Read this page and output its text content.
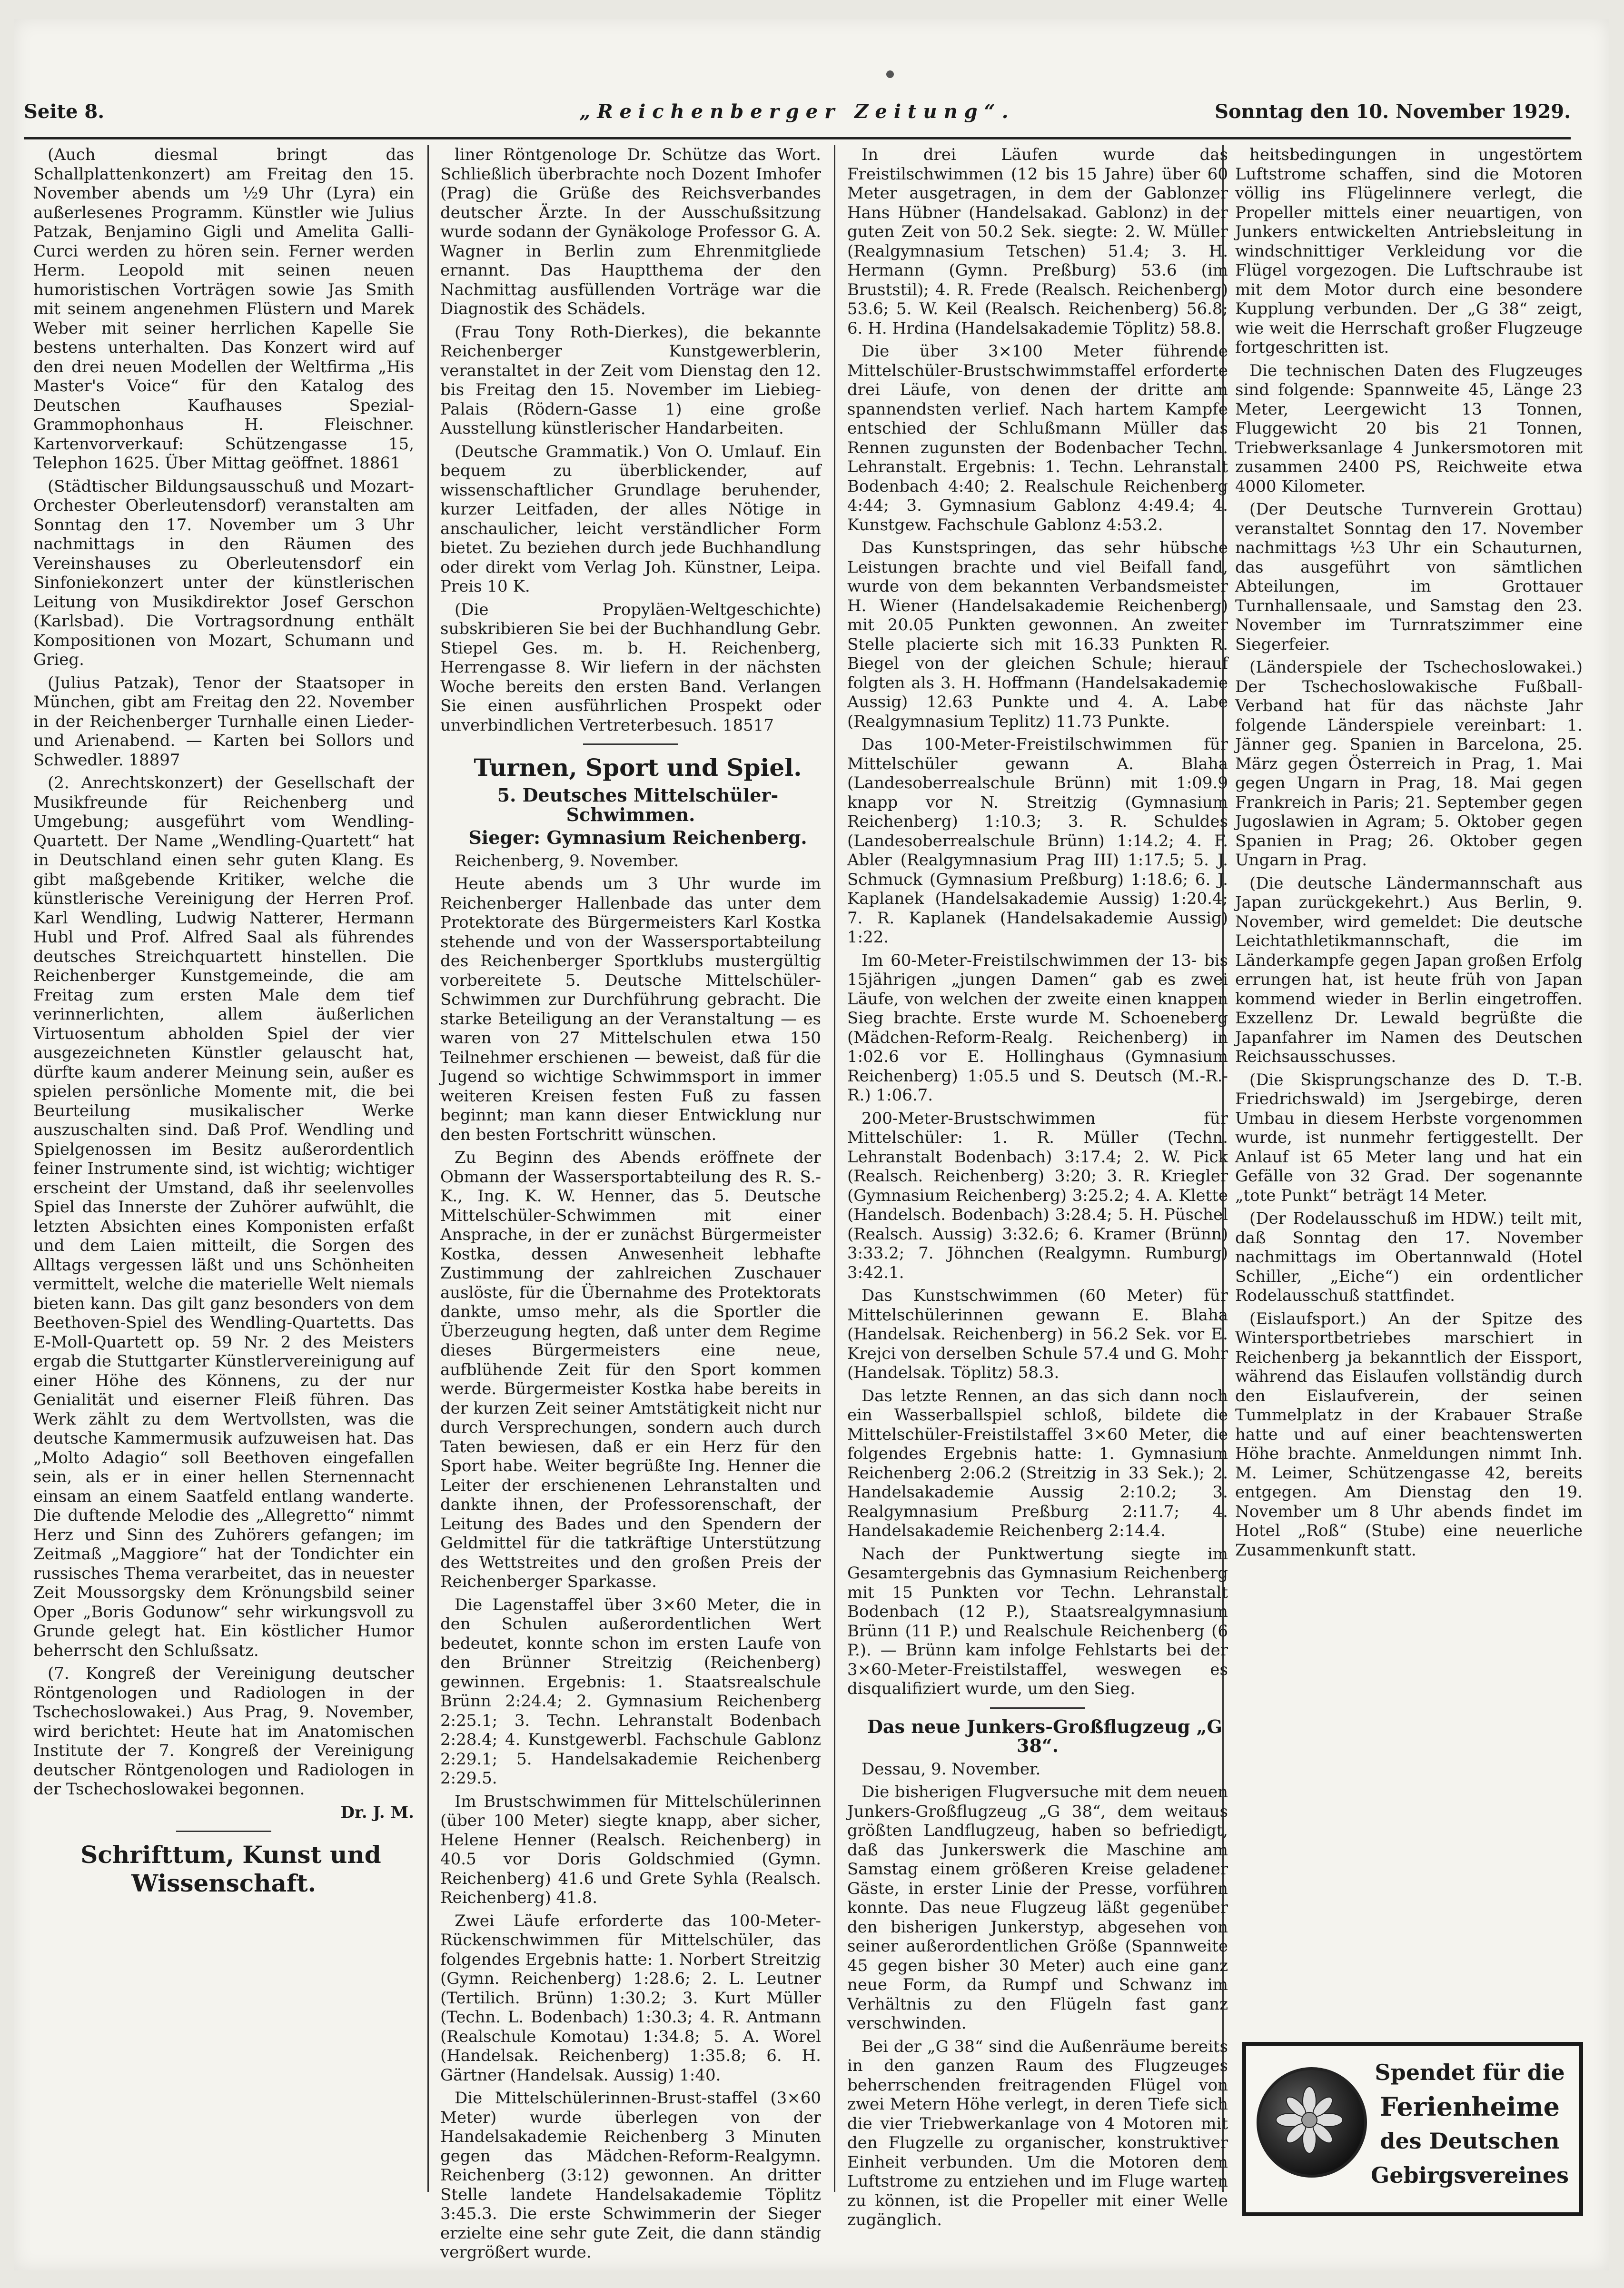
Seite 8.	„Reichenberger Zeitung“.	Sonntag den 10. November 1929.

(Auch diesmal bringt das Schallplattenkonzert) am Freitag den 15. November abends um ½9 Uhr (Lyra) ein außerlesenes Programm. Künstler wie Julius Patzak, Benjamino Gigli und Amelita Galli-Curci werden zu hören sein. Ferner werden Herm. Leopold mit seinen neuen humoristischen Vorträgen sowie Jas Smith mit seinem angenehmen Flüstern und Marek Weber mit seiner herrlichen Kapelle Sie bestens unterhalten. Das Konzert wird auf den drei neuen Modellen der Weltfirma „His Master's Voice“ für den Katalog des Deutschen Kaufhauses Spezial-Grammophonhaus H. Fleischner. Kartenvorverkauf: Schützengasse 15, Telephon 1625. Über Mittag geöffnet. 18861

(Städtischer Bildungsausschuß und Mozart-Orchester Oberleutensdorf) veranstalten am Sonntag den 17. November um 3 Uhr nachmittags in den Räumen des Vereinshauses zu Oberleutensdorf ein Sinfoniekonzert unter der künstlerischen Leitung von Musikdirektor Josef Gerschon (Karlsbad). Die Vortragsordnung enthält Kompositionen von Mozart, Schumann und Grieg.

(Julius Patzak), Tenor der Staatsoper in München, gibt am Freitag den 22. November in der Reichenberger Turnhalle einen Lieder- und Arienabend. — Karten bei Sollors und Schwedler. 18897

(2. Anrechtskonzert) der Gesellschaft der Musikfreunde für Reichenberg und Umgebung; ausgeführt vom Wendling-Quartett. Der Name „Wendling-Quartett“ hat in Deutschland einen sehr guten Klang. Es gibt maßgebende Kritiker, welche die künstlerische Vereinigung der Herren Prof. Karl Wendling, Ludwig Natterer, Hermann Hubl und Prof. Alfred Saal als führendes deutsches Streichquartett hinstellen. Die Reichenberger Kunstgemeinde, die am Freitag zum ersten Male dem tief verinnerlichten, allem äußerlichen Virtuosentum abholden Spiel der vier ausgezeichneten Künstler gelauscht hat, dürfte kaum anderer Meinung sein, außer es spielen persönliche Momente mit, die bei Beurteilung musikalischer Werke auszuschalten sind. Daß Prof. Wendling und Spielgenossen im Besitz außerordentlich feiner Instrumente sind, ist wichtig; wichtiger erscheint der Umstand, daß ihr seelenvolles Spiel das Innerste der Zuhörer aufwühlt, die letzten Absichten eines Komponisten erfaßt und dem Laien mitteilt, die Sorgen des Alltags vergessen läßt und uns Schönheiten vermittelt, welche die materielle Welt niemals bieten kann. Das gilt ganz besonders von dem Beethoven-Spiel des Wendling-Quartetts. Das E-Moll-Quartett op. 59 Nr. 2 des Meisters ergab die Stuttgarter Künstlervereinigung auf einer Höhe des Könnens, zu der nur Genialität und eiserner Fleiß führen. Das Werk zählt zu dem Wertvollsten, was die deutsche Kammermusik aufzuweisen hat. Das „Molto Adagio“ soll Beethoven eingefallen sein, als er in einer hellen Sternennacht einsam an einem Saatfeld entlang wanderte. Die duftende Melodie des „Allegretto“ nimmt Herz und Sinn des Zuhörers gefangen; im Zeitmaß „Maggiore“ hat der Tondichter ein russisches Thema verarbeitet, das in neuester Zeit Moussorgsky dem Krönungsbild seiner Oper „Boris Godunow“ sehr wirkungsvoll zu Grunde gelegt hat. Ein köstlicher Humor beherrscht den Schlußsatz.

(7. Kongreß der Vereinigung deutscher Röntgenologen und Radiologen in der Tschechoslowakei.) Aus Prag, 9. November, wird berichtet: Heute hat im Anatomischen Institute der 7. Kongreß der Vereinigung deutscher Röntgenologen und Radiologen in der Tschechoslowakei begonnen.

Dr. J. M.

Schrifttum, Kunst und Wissenschaft.

liner Röntgenologe Dr. Schütze das Wort. Schließlich überbrachte noch Dozent Imhofer (Prag) die Grüße des Reichsverbandes deutscher Ärzte. In der Ausschußsitzung wurde sodann der Gynäkologe Professor G. A. Wagner in Berlin zum Ehrenmitgliede ernannt. Das Hauptthema der den Nachmittag ausfüllenden Vorträge war die Diagnostik des Schädels.

(Frau Tony Roth-Dierkes), die bekannte Reichenberger Kunstgewerblerin, veranstaltet in der Zeit vom Dienstag den 12. bis Freitag den 15. November im Liebieg-Palais (Rödern-Gasse 1) eine große Ausstellung künstlerischer Handarbeiten.

(Deutsche Grammatik.) Von O. Umlauf. Ein bequem zu überblickender, auf wissenschaftlicher Grundlage beruhender, kurzer Leitfaden, der alles Nötige in anschaulicher, leicht verständlicher Form bietet. Zu beziehen durch jede Buchhandlung oder direkt vom Verlag Joh. Künstner, Leipa. Preis 10 K.

(Die Propyläen-Weltgeschichte) subskribieren Sie bei der Buchhandlung Gebr. Stiepel Ges. m. b. H. Reichenberg, Herrengasse 8. Wir liefern in der nächsten Woche bereits den ersten Band. Verlangen Sie einen ausführlichen Prospekt oder unverbindlichen Vertreterbesuch. 18517

Turnen, Sport und Spiel.

5. Deutsches Mittelschüler-Schwimmen.

Sieger: Gymnasium Reichenberg.

Reichenberg, 9. November.

Heute abends um 3 Uhr wurde im Reichenberger Hallenbade das unter dem Protektorate des Bürgermeisters Karl Kostka stehende und von der Wassersportabteilung des Reichenberger Sportklubs mustergültig vorbereitete 5. Deutsche Mittelschüler-Schwimmen zur Durchführung gebracht. Die starke Beteiligung an der Veranstaltung — es waren von 27 Mittelschulen etwa 150 Teilnehmer erschienen — beweist, daß für die Jugend so wichtige Schwimmsport in immer weiteren Kreisen festen Fuß zu fassen beginnt; man kann dieser Entwicklung nur den besten Fortschritt wünschen.

Zu Beginn des Abends eröffnete der Obmann der Wassersportabteilung des R. S.-K., Ing. K. W. Henner, das 5. Deutsche Mittelschüler-Schwimmen mit einer Ansprache, in der er zunächst Bürgermeister Kostka, dessen Anwesenheit lebhafte Zustimmung der zahlreichen Zuschauer auslöste, für die Übernahme des Protektorats dankte, umso mehr, als die Sportler die Überzeugung hegten, daß unter dem Regime dieses Bürgermeisters eine neue, aufblühende Zeit für den Sport kommen werde. Bürgermeister Kostka habe bereits in der kurzen Zeit seiner Amtstätigkeit nicht nur durch Versprechungen, sondern auch durch Taten bewiesen, daß er ein Herz für den Sport habe. Weiter begrüßte Ing. Henner die Leiter der erschienenen Lehranstalten und dankte ihnen, der Professorenschaft, der Leitung des Bades und den Spendern der Geldmittel für die tatkräftige Unterstützung des Wettstreites und den großen Preis der Reichenberger Sparkasse.

Die Lagenstaffel über 3×60 Meter, die in den Schulen außerordentlichen Wert bedeutet, konnte schon im ersten Laufe von den Brünner Streitzig (Reichenberg) gewinnen. Ergebnis: 1. Staatsrealschule Brünn 2:24.4; 2. Gymnasium Reichenberg 2:25.1; 3. Techn. Lehranstalt Bodenbach 2:28.4; 4. Kunstgewerbl. Fachschule Gablonz 2:29.1; 5. Handelsakademie Reichenberg 2:29.5.

Im Brustschwimmen für Mittelschülerinnen (über 100 Meter) siegte knapp, aber sicher, Helene Henner (Realsch. Reichenberg) in 40.5 vor Doris Goldschmied (Gymn. Reichenberg) 41.6 und Grete Syhla (Realsch. Reichenberg) 41.8.

Zwei Läufe erforderte das 100-Meter-Rückenschwimmen für Mittelschüler, das folgendes Ergebnis hatte: 1. Norbert Streitzig (Gymn. Reichenberg) 1:28.6; 2. L. Leutner (Tertilich. Brünn) 1:30.2; 3. Kurt Müller (Techn. L. Bodenbach) 1:30.3; 4. R. Antmann (Realschule Komotau) 1:34.8; 5. A. Worel (Handelsak. Reichenberg) 1:35.8; 6. H. Gärtner (Handelsak. Aussig) 1:40.

Die Mittelschülerinnen-Brust-staffel (3×60 Meter) wurde überlegen von der Handelsakademie Reichenberg 3 Minuten gegen das Mädchen-Reform-Realgymn. Reichenberg (3:12) gewonnen. An dritter Stelle landete Handelsakademie Töplitz 3:45.3. Die erste Schwimmerin der Sieger erzielte eine sehr gute Zeit, die dann ständig vergrößert wurde.

In drei Läufen wurde das Freistilschwimmen (12 bis 15 Jahre) über 60 Meter ausgetragen, in dem der Gablonzer Hans Hübner (Handelsakad. Gablonz) in der guten Zeit von 50.2 Sek. siegte: 2. W. Müller (Realgymnasium Tetschen) 51.4; 3. H. Hermann (Gymn. Preßburg) 53.6 (im Bruststil); 4. R. Frede (Realsch. Reichenberg) 53.6; 5. W. Keil (Realsch. Reichenberg) 56.8; 6. H. Hrdina (Handelsakademie Töplitz) 58.8.

Die über 3×100 Meter führende Mittelschüler-Brustschwimmstaffel erforderte drei Läufe, von denen der dritte am spannendsten verlief. Nach hartem Kampfe entschied der Schlußmann Müller das Rennen zugunsten der Bodenbacher Techn. Lehranstalt. Ergebnis: 1. Techn. Lehranstalt Bodenbach 4:40; 2. Realschule Reichenberg 4:44; 3. Gymnasium Gablonz 4:49.4; 4. Kunstgew. Fachschule Gablonz 4:53.2.

Das Kunstspringen, das sehr hübsche Leistungen brachte und viel Beifall fand, wurde von dem bekannten Verbandsmeister H. Wiener (Handelsakademie Reichenberg) mit 20.05 Punkten gewonnen. An zweiter Stelle placierte sich mit 16.33 Punkten R. Biegel von der gleichen Schule; hierauf folgten als 3. H. Hoffmann (Handelsakademie Aussig) 12.63 Punkte und 4. A. Labe (Realgymnasium Teplitz) 11.73 Punkte.

Das 100-Meter-Freistilschwimmen für Mittelschüler gewann A. Blaha (Landesoberrealschule Brünn) mit 1:09.9 knapp vor N. Streitzig (Gymnasium Reichenberg) 1:10.3; 3. R. Schuldes (Landesoberrealschule Brünn) 1:14.2; 4. F. Abler (Realgymnasium Prag III) 1:17.5; 5. J. Schmuck (Gymnasium Preßburg) 1:18.6; 6. J. Kaplanek (Handelsakademie Aussig) 1:20.4; 7. R. Kaplanek (Handelsakademie Aussig) 1:22.

Im 60-Meter-Freistilschwimmen der 13- bis 15jährigen „jungen Damen“ gab es zwei Läufe, von welchen der zweite einen knappen Sieg brachte. Erste wurde M. Schoeneberg (Mädchen-Reform-Realg. Reichenberg) in 1:02.6 vor E. Hollinghaus (Gymnasium Reichenberg) 1:05.5 und S. Deutsch (M.-R.-R.) 1:06.7.

200-Meter-Brustschwimmen für Mittelschüler: 1. R. Müller (Techn. Lehranstalt Bodenbach) 3:17.4; 2. W. Pick (Realsch. Reichenberg) 3:20; 3. R. Kriegler (Gymnasium Reichenberg) 3:25.2; 4. A. Klette (Handelsch. Bodenbach) 3:28.4; 5. H. Püschel (Realsch. Aussig) 3:32.6; 6. Kramer (Brünn) 3:33.2; 7. Jöhnchen (Realgymn. Rumburg) 3:42.1.

Das Kunstschwimmen (60 Meter) für Mittelschülerinnen gewann E. Blaha (Handelsak. Reichenberg) in 56.2 Sek. vor E. Krejci von derselben Schule 57.4 und G. Mohr (Handelsak. Töplitz) 58.3.

Das letzte Rennen, an das sich dann noch ein Wasserballspiel schloß, bildete die Mittelschüler-Freistilstaffel 3×60 Meter, die folgendes Ergebnis hatte: 1. Gymnasium Reichenberg 2:06.2 (Streitzig in 33 Sek.); 2. Handelsakademie Aussig 2:10.2; 3. Realgymnasium Preßburg 2:11.7; 4. Handelsakademie Reichenberg 2:14.4.

Nach der Punktwertung siegte im Gesamtergebnis das Gymnasium Reichenberg mit 15 Punkten vor Techn. Lehranstalt Bodenbach (12 P.), Staatsrealgymnasium Brünn (11 P.) und Realschule Reichenberg (6 P.). — Brünn kam infolge Fehlstarts bei der 3×60-Meter-Freistilstaffel, weswegen es disqualifiziert wurde, um den Sieg.

Das neue Junkers-Großflugzeug „G 38“.

Dessau, 9. November.

Die bisherigen Flugversuche mit dem neuen Junkers-Großflugzeug „G 38“, dem weitaus größten Landflugzeug, haben so befriedigt, daß das Junkerswerk die Maschine am Samstag einem größeren Kreise geladener Gäste, in erster Linie der Presse, vorführen konnte. Das neue Flugzeug läßt gegenüber den bisherigen Junkerstyp, abgesehen von seiner außerordentlichen Größe (Spannweite 45 gegen bisher 30 Meter) auch eine ganz neue Form, da Rumpf und Schwanz im Verhältnis zu den Flügeln fast ganz verschwinden.

Bei der „G 38“ sind die Außenräume bereits in den ganzen Raum des Flugzeuges beherrschenden freitragenden Flügel von zwei Metern Höhe verlegt, in deren Tiefe sich die vier Triebwerkanlage von 4 Motoren mit den Flugzelle zu organischer, konstruktiver Einheit verbunden. Um die Motoren dem Luftstrome zu entziehen und im Fluge warten zu können, ist die Propeller mit einer Welle zugänglich.

heitsbedingungen in ungestörtem Luftstrome schaffen, sind die Motoren völlig ins Flügelinnere verlegt, die Propeller mittels einer neuartigen, von Junkers entwickelten Antriebsleitung in windschnittiger Verkleidung vor die Flügel vorgezogen. Die Luftschraube ist mit dem Motor durch eine besondere Kupplung verbunden. Der „G 38“ zeigt, wie weit die Herrschaft großer Flugzeuge fortgeschritten ist.

Die technischen Daten des Flugzeuges sind folgende: Spannweite 45, Länge 23 Meter, Leergewicht 13 Tonnen, Fluggewicht 20 bis 21 Tonnen, Triebwerksanlage 4 Junkersmotoren mit zusammen 2400 PS, Reichweite etwa 4000 Kilometer.

(Der Deutsche Turnverein Grottau) veranstaltet Sonntag den 17. November nachmittags ½3 Uhr ein Schauturnen, das ausgeführt von sämtlichen Abteilungen, im Grottauer Turnhallensaale, und Samstag den 23. November im Turnratszimmer eine Siegerfeier.

(Länderspiele der Tschechoslowakei.) Der Tschechoslowakische Fußball-Verband hat für das nächste Jahr folgende Länderspiele vereinbart: 1. Jänner geg. Spanien in Barcelona, 25. März gegen Österreich in Prag, 1. Mai gegen Ungarn in Prag, 18. Mai gegen Frankreich in Paris; 21. September gegen Jugoslawien in Agram; 5. Oktober gegen Spanien in Prag; 26. Oktober gegen Ungarn in Prag.

(Die deutsche Ländermannschaft aus Japan zurückgekehrt.) Aus Berlin, 9. November, wird gemeldet: Die deutsche Leichtathletikmannschaft, die im Länderkampfe gegen Japan großen Erfolg errungen hat, ist heute früh von Japan kommend wieder in Berlin eingetroffen. Exzellenz Dr. Lewald begrüßte die Japanfahrer im Namen des Deutschen Reichsausschusses.

(Die Skisprungschanze des D. T.-B. Friedrichswald) im Jsergebirge, deren Umbau in diesem Herbste vorgenommen wurde, ist nunmehr fertiggestellt. Der Anlauf ist 65 Meter lang und hat ein Gefälle von 32 Grad. Der sogenannte „tote Punkt“ beträgt 14 Meter.

(Der Rodelausschuß im HDW.) teilt mit, daß Sonntag den 17. November nachmittags im Obertannwald (Hotel Schiller, „Eiche“) ein ordentlicher Rodelausschuß stattfindet.

(Eislaufsport.) An der Spitze des Wintersportbetriebes marschiert in Reichenberg ja bekanntlich der Eissport, während das Eislaufen vollständig durch den Eislaufverein, der seinen Tummelplatz in der Krabauer Straße hatte und auf einer beachtenswerten Höhe brachte. Anmeldungen nimmt Inh. M. Leimer, Schützengasse 42, bereits entgegen. Am Dienstag den 19. November um 8 Uhr abends findet im Hotel „Roß“ (Stube) eine neuerliche Zusammenkunft statt.

Spendet für die
Ferienheime
des Deutschen
Gebirgsvereines
